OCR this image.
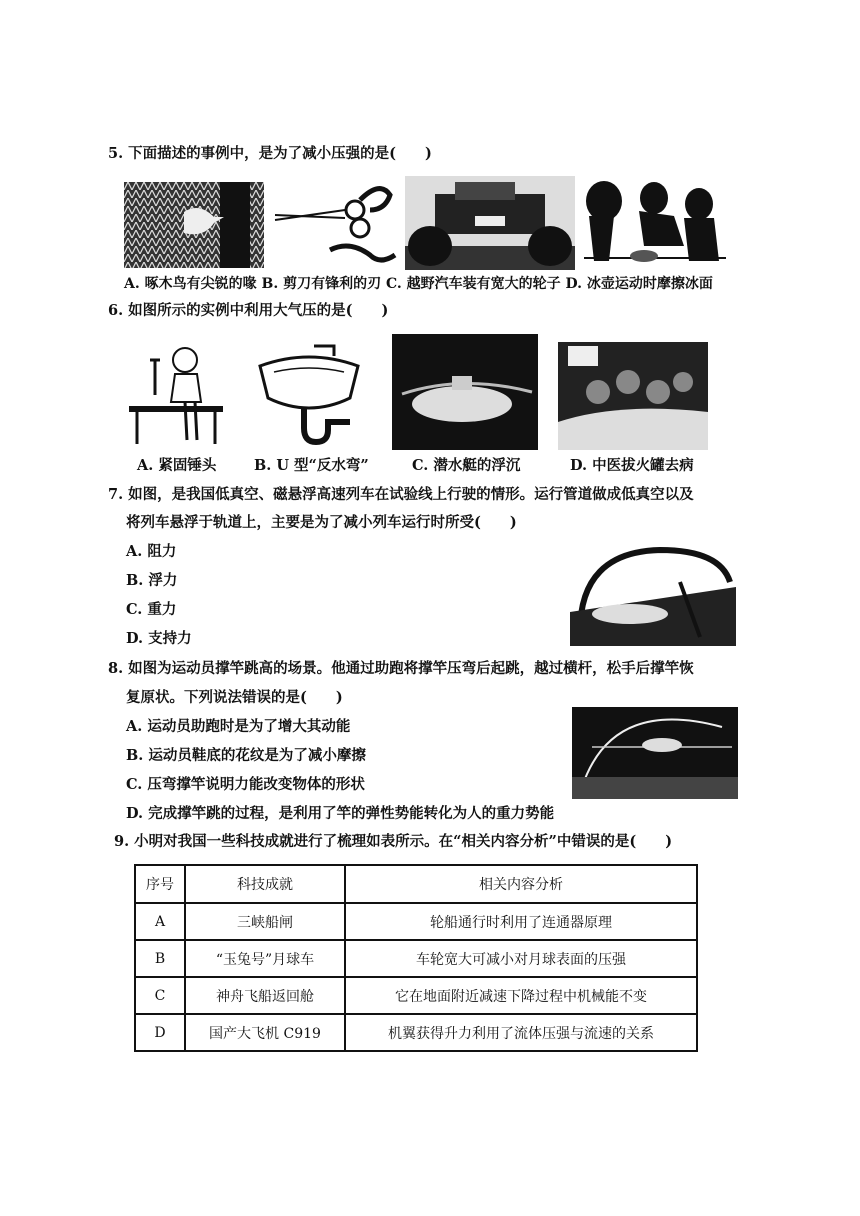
5. 下面描述的事例中，是为了减小压强的是(　　)
A. 啄木鸟有尖锐的喙 B. 剪刀有锋利的刃 C. 越野汽车装有宽大的轮子 D. 冰壶运动时摩擦冰面
6. 如图所示的实例中利用大气压的是(　　)
A. 紧固锤头	B. U 型“反水弯”	C. 潜水艇的浮沉	D. 中医拔火罐去病
7. 如图，是我国低真空、磁悬浮高速列车在试验线上行驶的情形。运行管道做成低真空以及
将列车悬浮于轨道上，主要是为了减小列车运行时所受(　　)
A. 阻力
B. 浮力
C. 重力
D. 支持力
8. 如图为运动员撑竿跳高的场景。他通过助跑将撑竿压弯后起跳，越过横杆，松手后撑竿恢
复原状。下列说法错误的是(　　)
A. 运动员助跑时是为了增大其动能
B. 运动员鞋底的花纹是为了减小摩擦
C. 压弯撑竿说明力能改变物体的形状
D. 完成撑竿跳的过程，是利用了竿的弹性势能转化为人的重力势能
9. 小明对我国一些科技成就进行了梳理如表所示。在“相关内容分析”中错误的是(　　)
序号	科技成就	相关内容分析
A	三峡船闸	轮船通行时利用了连通器原理
B	“玉兔号”月球车	车轮宽大可减小对月球表面的压强
C	神舟飞船返回舱	它在地面附近减速下降过程中机械能不变
D	国产大飞机 C919	机翼获得升力利用了流体压强与流速的关系
